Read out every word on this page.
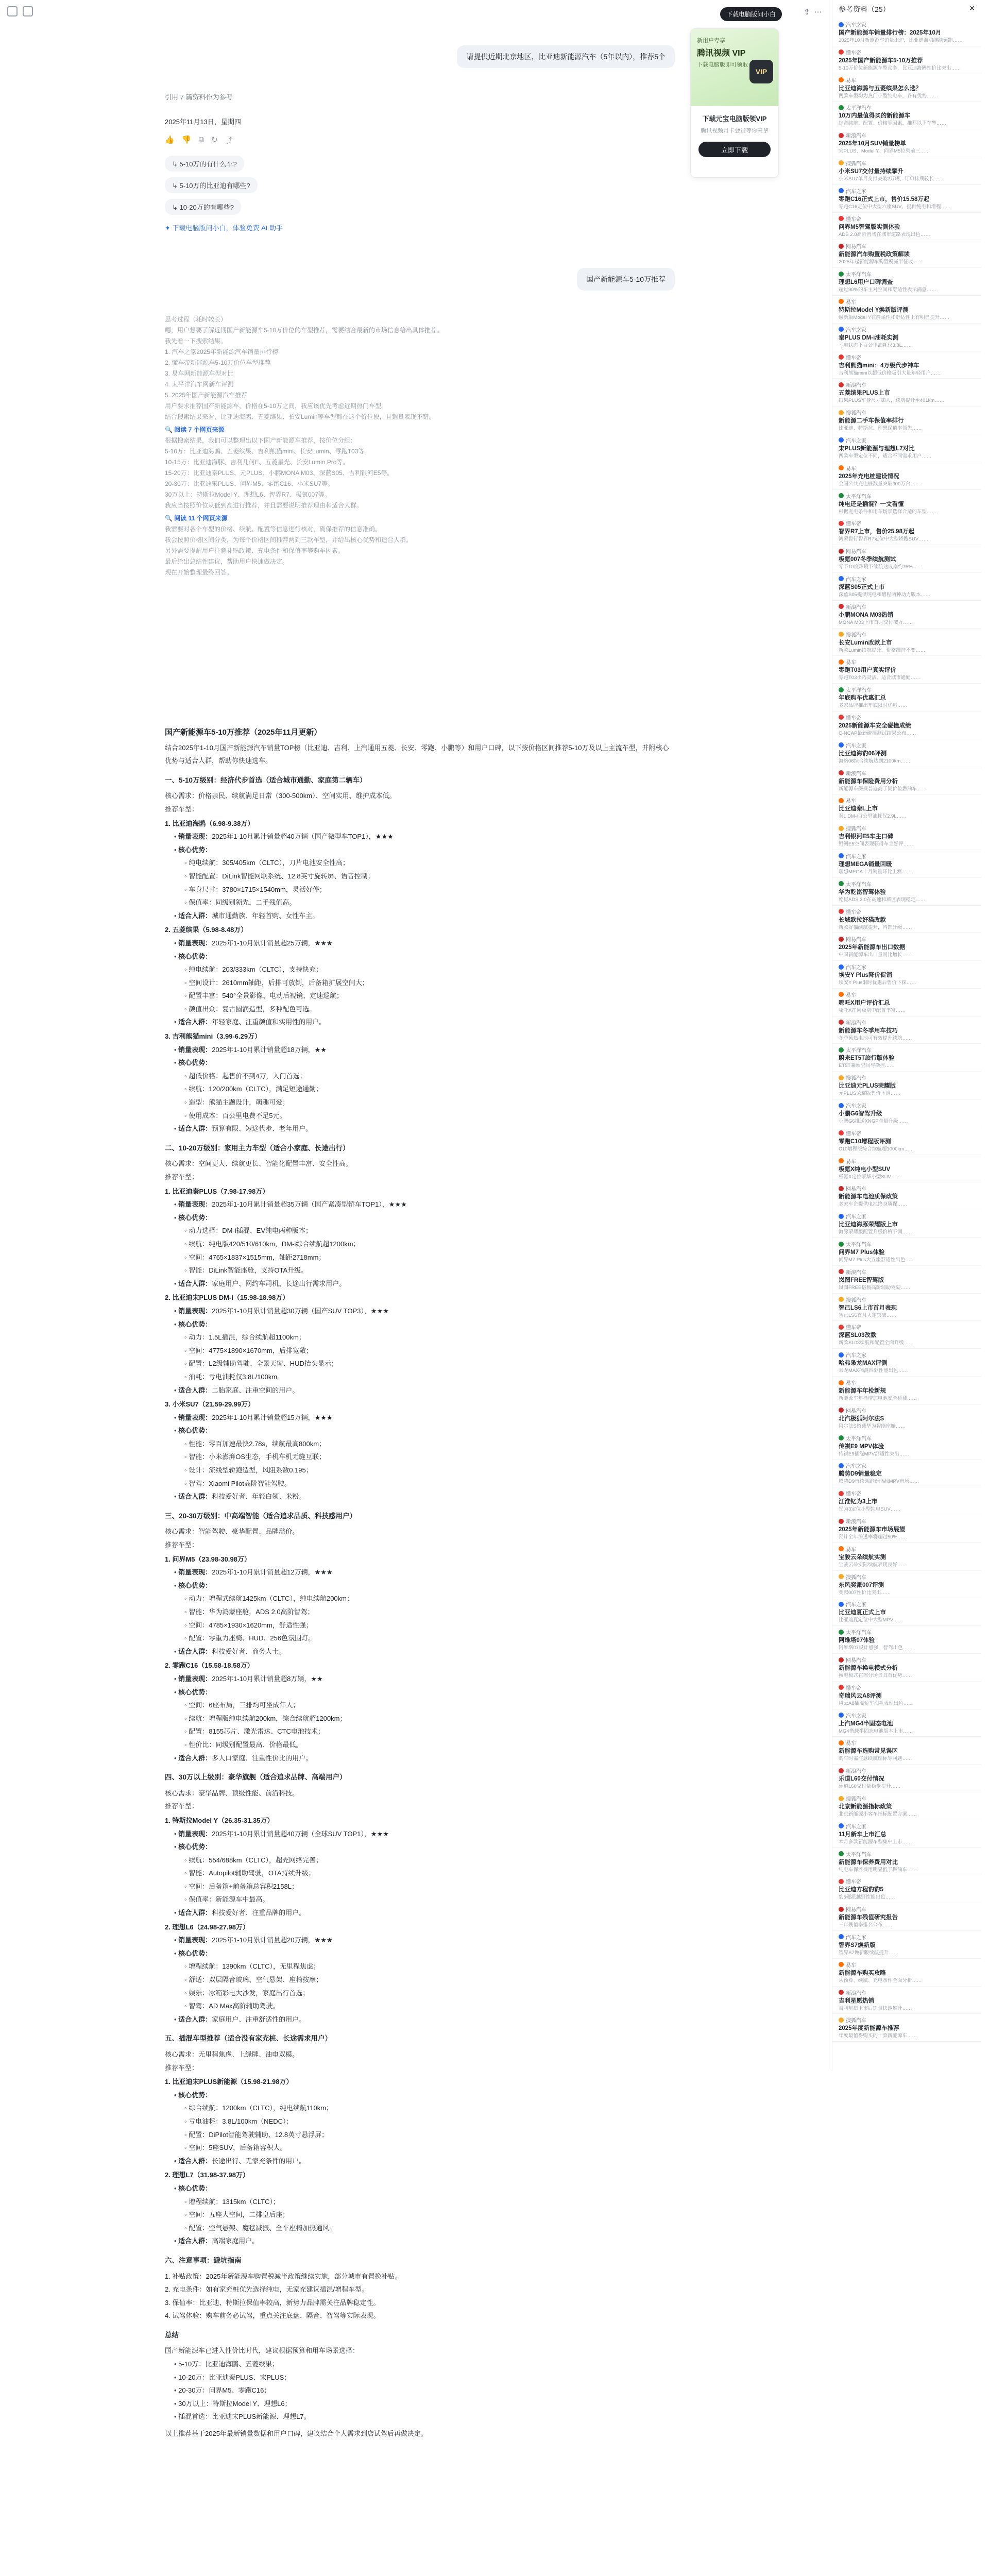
下载电脑版问小白	⇪ ⋯
请提供近期北京地区，比亚迪新能源汽车（5年以内），推荐5个
引用 7 篇资料作为参考
2025年11月13日，星期四
👍 👎 ⧉ ↻ ⤴
↳ 5-10万的有什么车?
↳ 5-10万的比亚迪有哪些?
↳ 10-20万的有哪些?
✦ 下载电脑版问小白，体验免费 AI 助手
国产新能源车5-10万推荐
思考过程（耗时较长）
嗯，用户想要了解近期国产新能源车5-10万价位的车型推荐，需要结合最新的市场信息给出具体推荐。
我先看一下搜索结果。
1. 汽车之家2025年新能源汽车销量排行榜
2. 懂车帝新能源车5-10万价位车型推荐
3. 易车网新能源车型对比
4. 太平洋汽车网新车评测
5. 2025年国产新能源汽车推荐
用户要求推荐国产新能源车，价格在5-10万之间，我应该优先考虑近期热门车型。
结合搜索结果来看，比亚迪海鸥、五菱缤果、长安Lumin等车型都在这个价位段，且销量表现不错。
🔍 阅读 7 个网页来源
根据搜索结果，我们可以整理出以下国产新能源车推荐，按价位分组：
5-10万：比亚迪海鸥、五菱缤果、吉利熊猫mini、长安Lumin、零跑T03等。
10-15万：比亚迪海豚、吉利几何E、五菱星光、长安Lumin Pro等。
15-20万：比亚迪秦PLUS、元PLUS、小鹏MONA M03、深蓝S05、吉利银河E5等。
20-30万：比亚迪宋PLUS、问界M5、零跑C16、小米SU7等。
30万以上：特斯拉Model Y、理想L6、智界R7、极氪007等。
我应当按照价位从低到高进行推荐，并且需要说明推荐理由和适合人群。
🔍 阅读 11 个网页来源
我需要对各个车型的价格、续航、配置等信息进行核对，确保推荐的信息准确。
我会按照价格区间分类，为每个价格区间推荐两到三款车型，并给出核心优势和适合人群。
另外需要提醒用户注意补贴政策、充电条件和保值率等购车因素。
最后给出总结性建议，帮助用户快速做决定。
现在开始整理最终回答。
国产新能源车5-10万推荐（2025年11月更新）
结合2025年1-10月国产新能源汽车销量TOP榜（比亚迪、吉利、上汽通用五菱、长安、零跑、小鹏等）和用户口碑，以下按价格区间推荐5-10万及以上主流车型，并附核心优势与适合人群，帮助你快速选车。
一、5-10万级别：经济代步首选（适合城市通勤、家庭第二辆车）
核心需求：价格亲民、续航满足日常（300-500km）、空间实用、维护成本低。
推荐车型：
1. 比亚迪海鸥（6.98-9.38万）
• 销量表现：2025年1-10月累计销量超40万辆（国产微型车TOP1），★★★
• 核心优势：
◦ 纯电续航：305/405km（CLTC），刀片电池安全性高；
◦ 智能配置：DiLink智能网联系统、12.8英寸旋转屏、语音控制；
◦ 车身尺寸：3780×1715×1540mm，灵活好停；
◦ 保值率：同级别领先，二手残值高。
• 适合人群：城市通勤族、年轻首购、女性车主。
2. 五菱缤果（5.98-8.48万）
• 销量表现：2025年1-10月累计销量超25万辆，★★★
• 核心优势：
◦ 纯电续航：203/333km（CLTC），支持快充；
◦ 空间设计：2610mm轴距，后排可放倒，后备箱扩展空间大；
◦ 配置丰富：540°全景影像、电动后视镜、定速巡航；
◦ 颜值出众：复古圆润造型，多种配色可选。
• 适合人群：年轻家庭、注重颜值和实用性的用户。
3. 吉利熊猫mini（3.99-6.29万）
• 销量表现：2025年1-10月累计销量超18万辆，★★
• 核心优势：
◦ 超低价格：起售价不到4万，入门首选；
◦ 续航：120/200km（CLTC），满足短途通勤；
◦ 造型：熊猫主题设计，萌趣可爱；
◦ 使用成本：百公里电费不足5元。
• 适合人群：预算有限、短途代步、老年用户。
二、10-20万级别：家用主力车型（适合小家庭、长途出行）
核心需求：空间更大、续航更长、智能化配置丰富、安全性高。
推荐车型：
1. 比亚迪秦PLUS（7.98-17.98万）
• 销量表现：2025年1-10月累计销量超35万辆（国产紧凑型轿车TOP1），★★★
• 核心优势：
◦ 动力选择：DM-i插混、EV纯电两种版本；
◦ 续航：纯电版420/510/610km，DM-i综合续航超1200km；
◦ 空间：4765×1837×1515mm，轴距2718mm；
◦ 智能：DiLink智能座舱，支持OTA升级。
• 适合人群：家庭用户、网约车司机、长途出行需求用户。
2. 比亚迪宋PLUS DM-i（15.98-18.98万）
• 销量表现：2025年1-10月累计销量超30万辆（国产SUV TOP3），★★★
• 核心优势：
◦ 动力：1.5L插混，综合续航超1100km；
◦ 空间：4775×1890×1670mm，后排宽敞；
◦ 配置：L2级辅助驾驶、全景天窗、HUD抬头显示；
◦ 油耗：亏电油耗仅3.8L/100km。
• 适合人群：二胎家庭、注重空间的用户。
3. 小米SU7（21.59-29.99万）
• 销量表现：2025年1-10月累计销量超15万辆，★★★
• 核心优势：
◦ 性能：零百加速最快2.78s，续航最高800km；
◦ 智能：小米澎湃OS生态，手机车机无缝互联；
◦ 设计：流线型轿跑造型，风阻系数0.195；
◦ 智驾：Xiaomi Pilot高阶智能驾驶。
• 适合人群：科技爱好者、年轻白领、米粉。
三、20-30万级别：中高端智能（适合追求品质、科技感用户）
核心需求：智能驾驶、豪华配置、品牌溢价。
推荐车型：
1. 问界M5（23.98-30.98万）
• 销量表现：2025年1-10月累计销量超12万辆，★★★
• 核心优势：
◦ 动力：增程式续航1425km（CLTC），纯电续航200km；
◦ 智能：华为鸿蒙座舱，ADS 2.0高阶智驾；
◦ 空间：4785×1930×1620mm，舒适性强；
◦ 配置：零重力座椅、HUD、256色氛围灯。
• 适合人群：科技爱好者、商务人士。
2. 零跑C16（15.58-18.58万）
• 销量表现：2025年1-10月累计销量超8万辆，★★
• 核心优势：
◦ 空间：6座布局，三排均可坐成年人；
◦ 续航：增程版纯电续航200km，综合续航超1200km；
◦ 配置：8155芯片、激光雷达、CTC电池技术；
◦ 性价比：同级别配置最高、价格最低。
• 适合人群：多人口家庭、注重性价比的用户。
四、30万以上级别：豪华旗舰（适合追求品牌、高端用户）
核心需求：豪华品牌、顶级性能、前沿科技。
推荐车型：
1. 特斯拉Model Y（26.35-31.35万）
• 销量表现：2025年1-10月累计销量超40万辆（全球SUV TOP1），★★★
• 核心优势：
◦ 续航：554/688km（CLTC），超充网络完善；
◦ 智能：Autopilot辅助驾驶，OTA持续升级；
◦ 空间：后备箱+前备箱总容积2158L；
◦ 保值率：新能源车中最高。
• 适合人群：科技爱好者、注重品牌的用户。
2. 理想L6（24.98-27.98万）
• 销量表现：2025年1-10月累计销量超20万辆，★★★
• 核心优势：
◦ 增程续航：1390km（CLTC），无里程焦虑；
◦ 舒适：双层隔音玻璃、空气悬架、座椅按摩；
◦ 娱乐：冰箱彩电大沙发，家庭出行首选；
◦ 智驾：AD Max高阶辅助驾驶。
• 适合人群：家庭用户、注重舒适性的用户。
五、插混车型推荐（适合没有家充桩、长途需求用户）
核心需求：无里程焦虑、上绿牌、油电双模。
推荐车型：
1. 比亚迪宋PLUS新能源（15.98-21.98万）
• 核心优势：
◦ 综合续航：1200km（CLTC），纯电续航110km；
◦ 亏电油耗：3.8L/100km（NEDC）；
◦ 配置：DiPilot智能驾驶辅助、12.8英寸悬浮屏；
◦ 空间：5座SUV，后备箱容积大。
• 适合人群：长途出行、无家充条件的用户。
2. 理想L7（31.98-37.98万）
• 核心优势：
◦ 增程续航：1315km（CLTC）；
◦ 空间：五座大空间，二排皇后座；
◦ 配置：空气悬架、魔毯减振、全车座椅加热通风。
• 适合人群：高端家庭用户。
六、注意事项：避坑指南
1. 补贴政策：2025年新能源车购置税减半政策继续实施，部分城市有置换补贴。
2. 充电条件：如有家充桩优先选择纯电，无家充建议插混/增程车型。
3. 保值率：比亚迪、特斯拉保值率较高，新势力品牌需关注品牌稳定性。
4. 试驾体验：购车前务必试驾，重点关注底盘、隔音、智驾等实际表现。
总结
国产新能源车已进入性价比时代，建议根据预算和用车场景选择：
• 5-10万：比亚迪海鸥、五菱缤果；
• 10-20万：比亚迪秦PLUS、宋PLUS；
• 20-30万：问界M5、零跑C16；
• 30万以上：特斯拉Model Y、理想L6；
• 插混首选：比亚迪宋PLUS新能源、理想L7。
以上推荐基于2025年最新销量数据和用户口碑，建议结合个人需求到店试驾后再做决定。
新用户专享
腾讯视频 VIP
下载电脑版即可领取
VIP
下载元宝电脑版领VIP
腾讯视频月卡会员等你来拿
立即下载
参考资料（25）	✕
汽车之家
国产新能源车销量排行榜：2025年10月
2025年10月新能源车销量出炉，比亚迪海鸥继续领跑……
懂车帝
2025年国产新能源车5-10万推荐
5-10万价位新能源车型众多，比亚迪海鸥性价比突出……
易车
比亚迪海鸥与五菱缤果怎么选？
两款车型均为热门小型纯电车，各有优势……
太平洋汽车
10万内最值得买的新能源车
综合续航、配置、价格等因素，推荐以下车型……
新浪汽车
2025年10月SUV销量榜单
宋PLUS、Model Y、问界M5位列前三……
搜狐汽车
小米SU7交付量持续攀升
小米SU7单月交付突破2万辆，订单排期较长……
汽车之家
零跑C16正式上市，售价15.58万起
零跑C16定位中大型六座SUV，提供纯电和增程……
懂车帝
问界M5智驾版实测体验
ADS 2.0高阶智驾在城市道路表现出色……
网易汽车
新能源汽车购置税政策解读
2025年起新能源车购置税减半征收……
太平洋汽车
理想L6用户口碑调查
超过90%的车主对空间和舒适性表示满意……
易车
特斯拉Model Y焕新版评测
焕新版Model Y在静谧性和舒适性上有明显提升……
汽车之家
秦PLUS DM-i油耗实测
亏电状态下百公里油耗仅3.8L……
懂车帝
吉利熊猫mini：4万级代步神车
吉利熊猫mini以超低价格吸引大量年轻用户……
新浪汽车
五菱缤果PLUS上市
缤果PLUS车身尺寸加大，续航提升至401km……
搜狐汽车
新能源二手车保值率排行
比亚迪、特斯拉、理想保值率领先……
汽车之家
宋PLUS新能源与理想L7对比
两款车型定位不同，适合不同需求用户……
易车
2025年充电桩建设情况
全国公共充电桩数量突破300万台……
太平洋汽车
纯电还是插混？一文看懂
根据充电条件和用车场景选择合适的车型……
懂车帝
智界R7上市，售价25.98万起
鸿蒙智行智界R7定位中大型轿跑SUV……
网易汽车
极氪007冬季续航测试
零下10度环境下续航达成率约75%……
汽车之家
深蓝S05正式上市
深蓝S05提供纯电和增程两种动力版本……
新浪汽车
小鹏MONA M03热销
MONA M03上市首月交付破万……
搜狐汽车
长安Lumin改款上市
新款Lumin续航提升，价格维持不变……
易车
零跑T03用户真实评价
零跑T03小巧灵活，适合城市通勤……
太平洋汽车
年底购车优惠汇总
多家品牌推出年底限时优惠……
懂车帝
2025新能源车安全碰撞成绩
C-NCAP最新碰撞测试结果公布……
汽车之家
比亚迪海豹06评测
海豹06综合续航达到2100km……
新浪汽车
新能源车保险费用分析
新能源车保费普遍高于同价位燃油车……
易车
比亚迪秦L上市
秦L DM-i百公里油耗仅2.9L……
搜狐汽车
吉利银河E5车主口碑
银河E5空间表现获得车主好评……
汽车之家
理想MEGA销量回暖
理想MEGA十月销量环比上涨……
太平洋汽车
华为乾崑智驾体验
乾崑ADS 3.0在高速和城区表现稳定……
懂车帝
长城欧拉好猫改款
新款好猫续航提升，内饰升级……
网易汽车
2025年新能源车出口数据
中国新能源车出口量同比增长……
汽车之家
埃安Y Plus降价促销
埃安Y Plus限时优惠后售价下探……
易车
哪吒X用户评价汇总
哪吒X在同级别中配置丰富……
新浪汽车
新能源车冬季用车技巧
冬季预热电池可有效提升续航……
太平洋汽车
蔚来ET5T旅行版体验
ET5T兼顾空间与操控……
搜狐汽车
比亚迪元PLUS荣耀版
元PLUS荣耀版售价下调……
汽车之家
小鹏G6智驾升级
小鹏G6推送XNGP全量升级……
懂车帝
零跑C10增程版评测
C10增程版综合续航超1000km……
易车
极氪X纯电小型SUV
极氪X定位豪华小型SUV……
网易汽车
新能源车电池质保政策
多家车企提供电池终身质保……
汽车之家
比亚迪海豚荣耀版上市
海豚荣耀版配置升级价格下调……
太平洋汽车
问界M7 Plus体验
问界M7 Plus大五座舒适性出色……
新浪汽车
岚图FREE智驾版
岚图FREE搭载高阶辅助驾驶……
搜狐汽车
智己LS6上市首月表现
智己LS6首月大定突破……
懂车帝
深蓝SL03改款
新款SL03续航和配置全面升级……
汽车之家
哈弗枭龙MAX评测
枭龙MAX插混四驱性能出色……
易车
新能源车年检新规
新能源车年检增加电池安全检测……
网易汽车
北汽极狐阿尔法S
阿尔法S搭载华为智能座舱……
太平洋汽车
传祺E9 MPV体验
传祺E9插混MPV舒适性突出……
汽车之家
腾势D9销量稳定
腾势D9持续领跑新能源MPV市场……
懂车帝
江淮钇为3上市
钇为3定位小型纯电SUV……
新浪汽车
2025年新能源车市场展望
预计全年渗透率将超过50%……
易车
宝骏云朵续航实测
宝骏云朵实际续航表现良好……
搜狐汽车
东风奕派007评测
奕派007性价比突出……
汽车之家
比亚迪夏正式上市
比亚迪夏定位中大型MPV……
太平洋汽车
阿维塔07体验
阿维塔07设计感强，智驾出色……
网易汽车
新能源车换电模式分析
换电模式在部分场景具有优势……
懂车帝
奇瑞风云A8评测
风云A8插混轿车油耗表现出色……
汽车之家
上汽MG4半固态电池
MG4搭载半固态电池版本上市……
易车
新能源车选购常见误区
购车时需注意续航虚标等问题……
新浪汽车
乐道L60交付情况
乐道L60交付量稳步提升……
搜狐汽车
北京新能源指标政策
北京新能源小客车指标配置方案……
汽车之家
11月新车上市汇总
本月多款新能源车型集中上市……
太平洋汽车
新能源车保养费用对比
纯电车保养费用明显低于燃油车……
懂车帝
比亚迪方程豹豹5
豹5硬派越野性能出色……
网易汽车
新能源车残值研究报告
三年残值率排名公布……
汽车之家
智界S7焕新版
智界S7焕新版续航提升……
易车
新能源车购买攻略
从预算、续航、充电条件全面分析……
新浪汽车
吉利星愿热销
吉利星愿上市后销量快速攀升……
搜狐汽车
2025年度新能源车推荐
年度最值得购买的十款新能源车……
